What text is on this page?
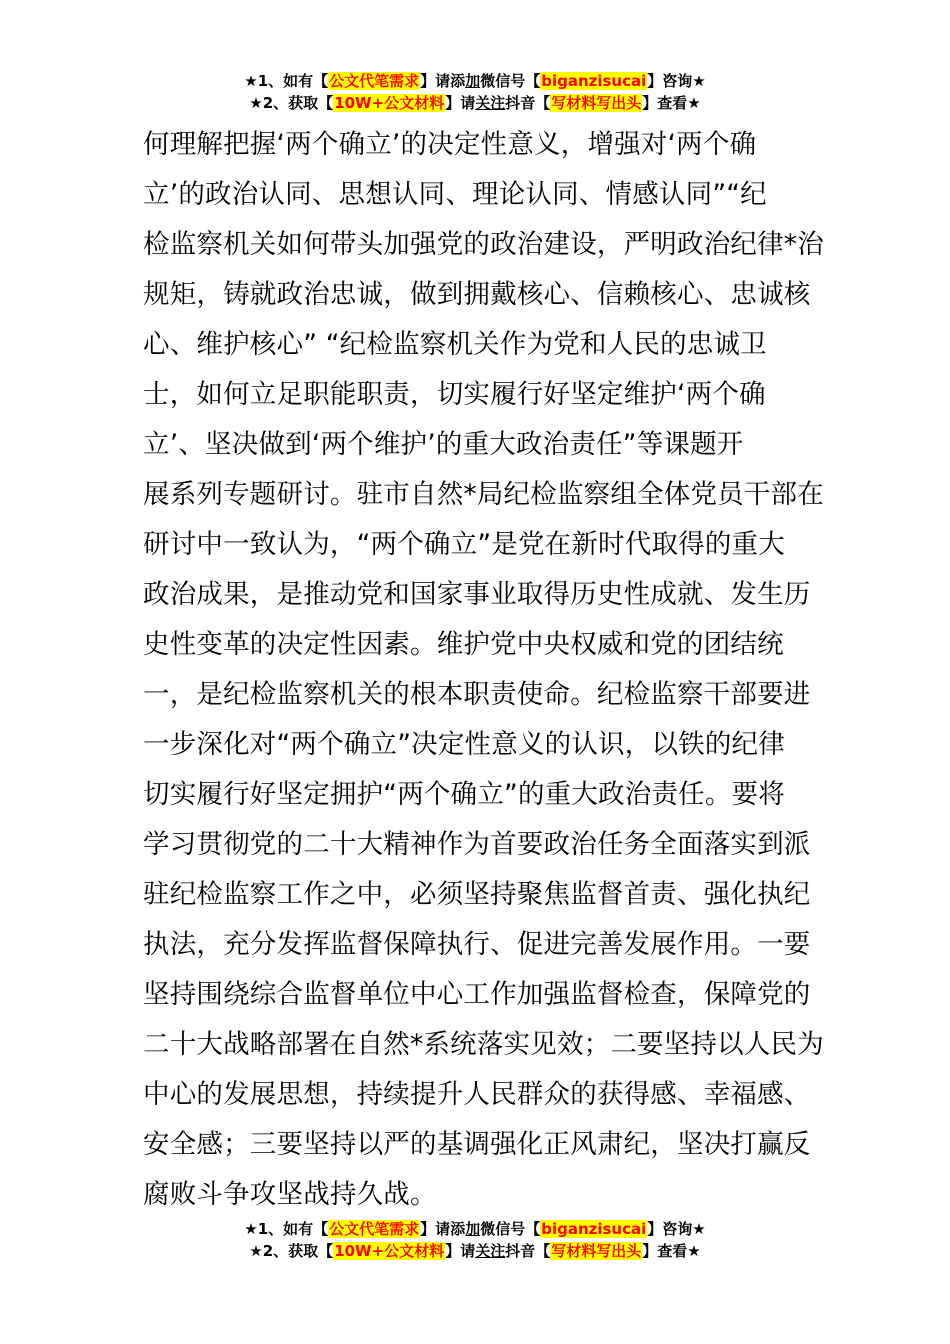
★1、如有【公文代笔需求】请添加微信号【biganzisucai】咨询★
★2、获取【10W+公文材料】请关注抖音【写材料写出头】查看★
何理解把握‘两个确立’的决定性意义，增强对‘两个确
立’的政治认同、思想认同、理论认同、情感认同”“纪
检监察机关如何带头加强党的政治建设，严明政治纪律*治
规矩，铸就政治忠诚，做到拥戴核心、信赖核心、忠诚核
心、维护核心” “纪检监察机关作为党和人民的忠诚卫
士，如何立足职能职责，切实履行好坚定维护‘两个确
立’、坚决做到‘两个维护’的重大政治责任”等课题开
展系列专题研讨。驻市自然*局纪检监察组全体党员干部在
研讨中一致认为，“两个确立”是党在新时代取得的重大
政治成果，是推动党和国家事业取得历史性成就、发生历
史性变革的决定性因素。维护党中央权威和党的团结统
一，是纪检监察机关的根本职责使命。纪检监察干部要进
一步深化对“两个确立”决定性意义的认识，以铁的纪律
切实履行好坚定拥护“两个确立”的重大政治责任。要将
学习贯彻党的二十大精神作为首要政治任务全面落实到派
驻纪检监察工作之中，必须坚持聚焦监督首责、强化执纪
执法，充分发挥监督保障执行、促进完善发展作用。一要
坚持围绕综合监督单位中心工作加强监督检查，保障党的
二十大战略部署在自然*系统落实见效；二要坚持以人民为
中心的发展思想，持续提升人民群众的获得感、幸福感、
安全感；三要坚持以严的基调强化正风肃纪，坚决打赢反
腐败斗争攻坚战持久战。
★1、如有【公文代笔需求】请添加微信号【biganzisucai】咨询★
★2、获取【10W+公文材料】请关注抖音【写材料写出头】查看★
